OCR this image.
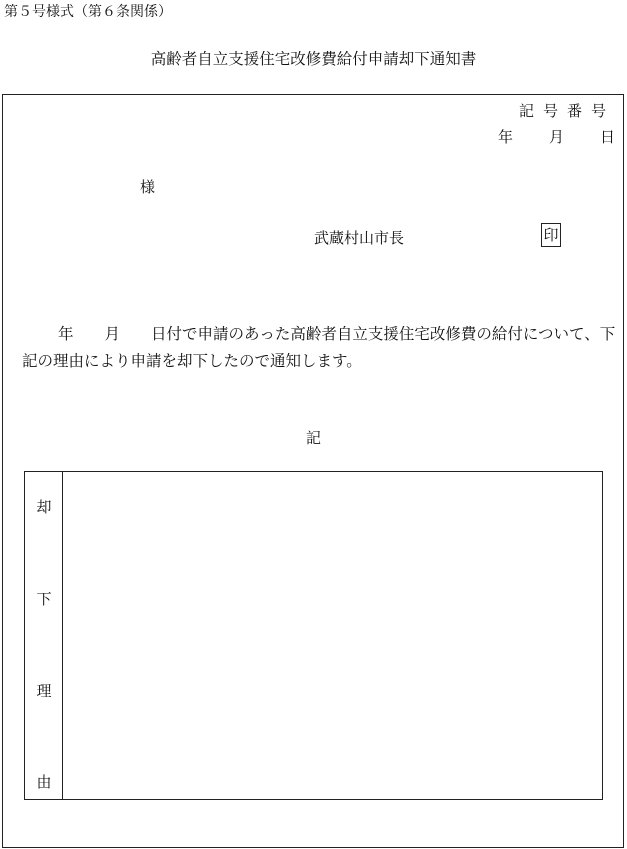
第５号様式（第６条関係）
高齢者自立支援住宅改修費給付申請却下通知書
記号番号
年 月 日
様
武蔵村山市長	印
年　　月　　日付で申請のあった高齢者自立支援住宅改修費の給付について、下記の理由により申請を却下したので通知します。
記
却
下
理
由
